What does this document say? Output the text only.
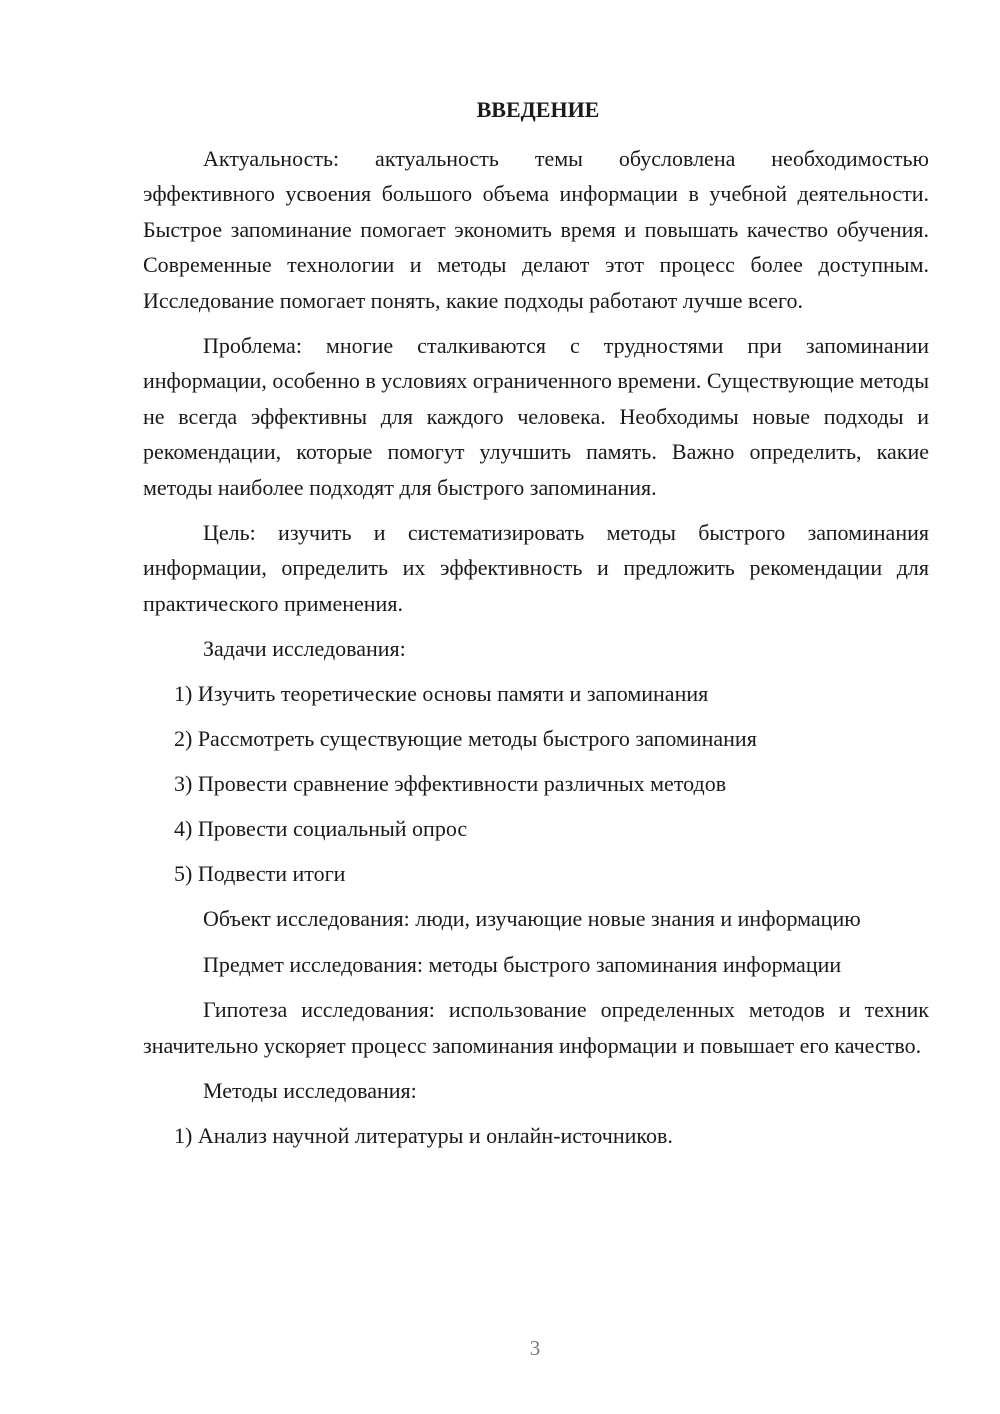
ВВЕДЕНИЕ

Актуальность: актуальность темы обусловлена необходимостью эффективного усвоения большого объема информации в учебной деятельности. Быстрое запоминание помогает экономить время и повышать качество обучения. Современные технологии и методы делают этот процесс более доступным. Исследование помогает понять, какие подходы работают лучше всего.

Проблема: многие сталкиваются с трудностями при запоминании информации, особенно в условиях ограниченного времени. Существующие методы не всегда эффективны для каждого человека. Необходимы новые подходы и рекомендации, которые помогут улучшить память. Важно определить, какие методы наиболее подходят для быстрого запоминания.

Цель: изучить и систематизировать методы быстрого запоминания информации, определить их эффективность и предложить рекомендации для практического применения.

Задачи исследования:

1) Изучить теоретические основы памяти и запоминания
2) Рассмотреть существующие методы быстрого запоминания
3) Провести сравнение эффективности различных методов
4) Провести социальный опрос
5) Подвести итоги

Объект исследования: люди, изучающие новые знания и информацию

Предмет исследования: методы быстрого запоминания информации

Гипотеза исследования: использование определенных методов и техник значительно ускоряет процесс запоминания информации и повышает его качество.

Методы исследования:

1) Анализ научной литературы и онлайн-источников.
3
